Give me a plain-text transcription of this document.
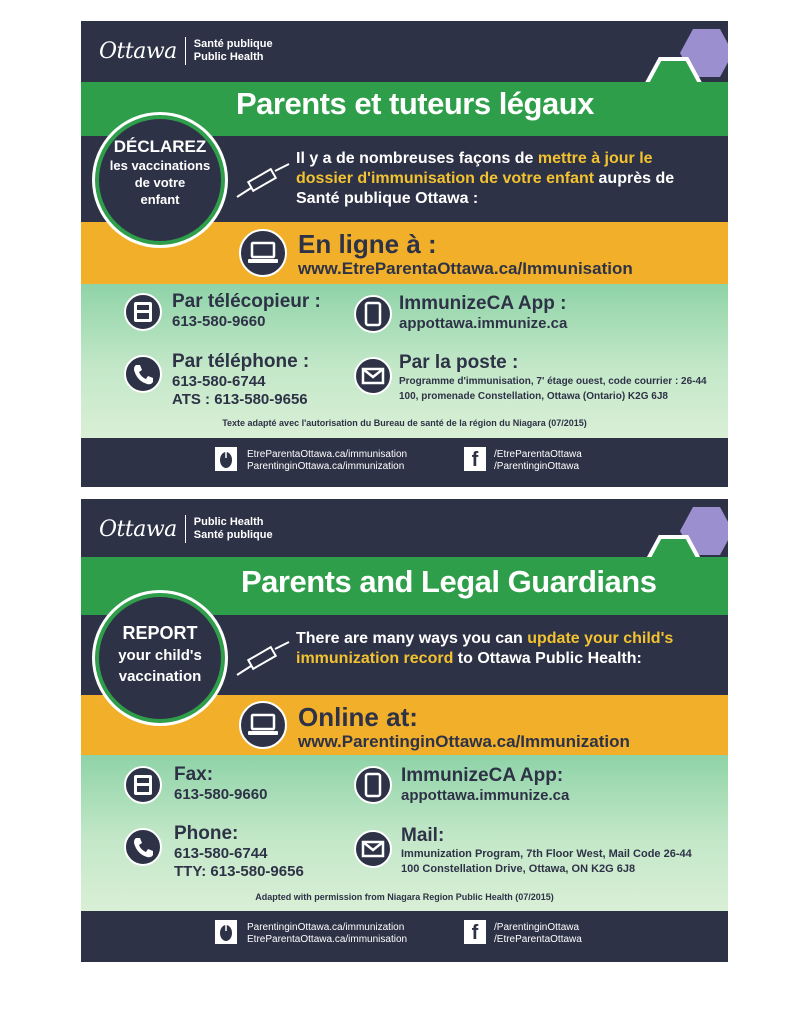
Ottawa Santé publique
Public Health
Parents et tuteurs légaux
Il y a de nombreuses façons de mettre à jour le dossier d'immunisation de votre enfant auprès de Santé publique Ottawa :
En ligne à :
www.EtreParentaOttawa.ca/Immunisation
Par télécopieur :
613-580-9660
Par téléphone :
613-580-6744
ATS : 613-580-9656
ImmunizeCA App :
appottawa.immunize.ca
Par la poste :
Programme d'immunisation, 7' étage ouest, code courrier : 26-44
100, promenade Constellation, Ottawa (Ontario) K2G 6J8
Texte adapté avec l'autorisation du Bureau de santé de la région du Niagara (07/2015)
EtreParentaOttawa.ca/immunisation
ParentinginOttawa.ca/immunization	f	/EtreParentaOttawa
/ParentinginOttawa
DÉCLAREZ
les vaccinations
de votre
enfant
Ottawa Public Health
Santé publique
Parents and Legal Guardians
There are many ways you can update your child's immunization record to Ottawa Public Health:
Online at:
www.ParentinginOttawa.ca/Immunization
Fax:
613-580-9660
Phone:
613-580-6744
TTY: 613-580-9656
ImmunizeCA App:
appottawa.immunize.ca
Mail:
Immunization Program, 7th Floor West, Mail Code 26-44
100 Constellation Drive, Ottawa, ON K2G 6J8
Adapted with permission from Niagara Region Public Health (07/2015)
ParentinginOttawa.ca/immunization
EtreParentaOttawa.ca/immunisation	f	/ParentinginOttawa
/EtreParentaOttawa
REPORT
your child's
vaccination
